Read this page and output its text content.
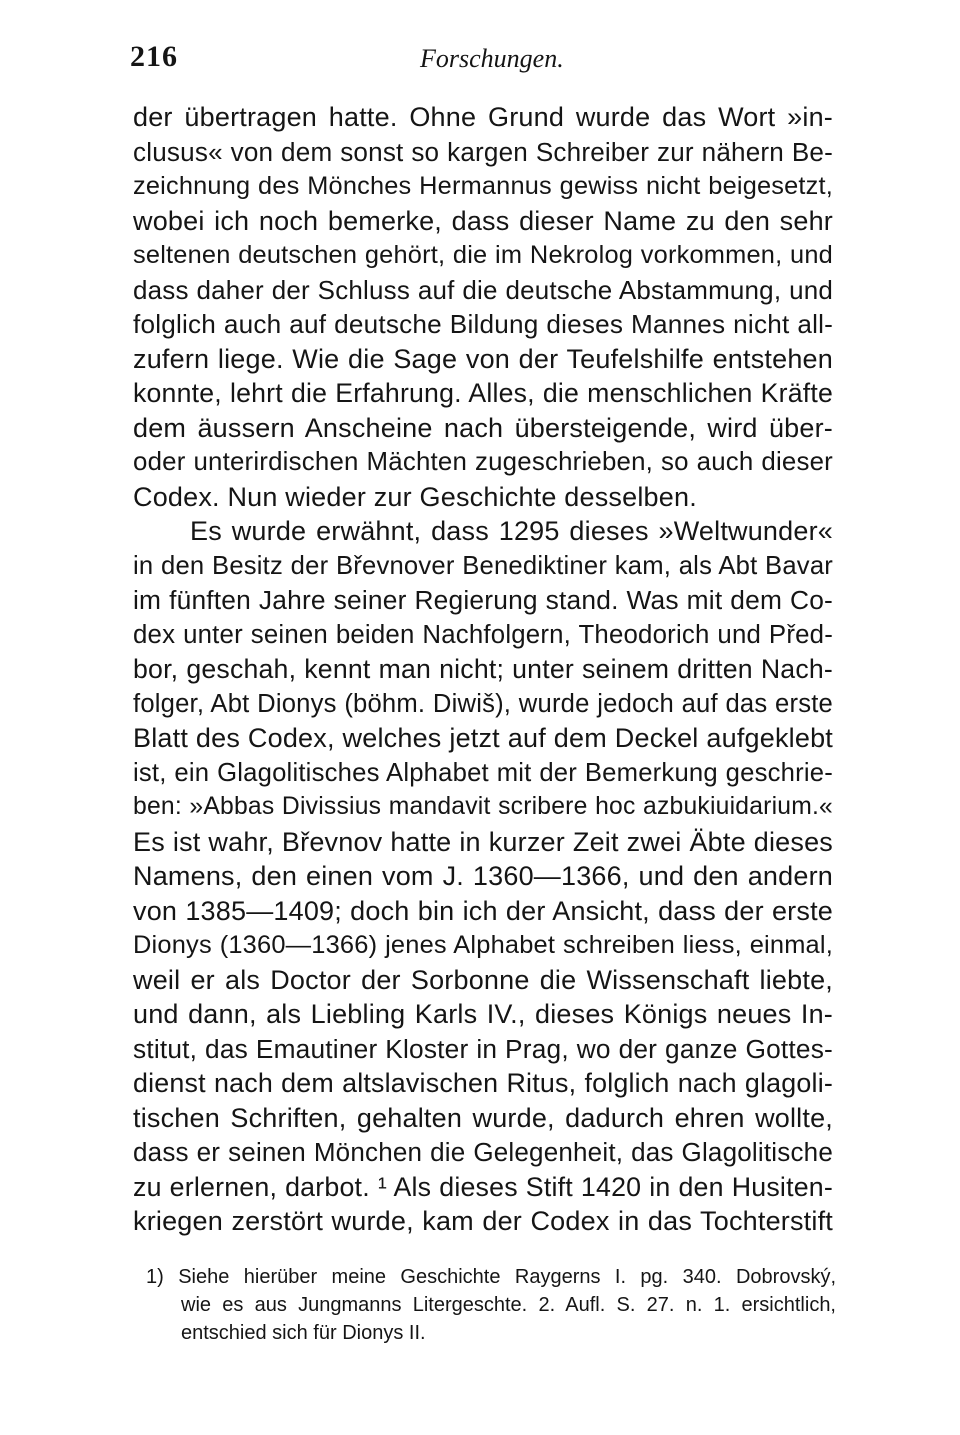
216	Forschungen.
der übertragen hatte. Ohne Grund wurde das Wort »in-
clusus« von dem sonst so kargen Schreiber zur nähern Be-
zeichnung des Mönches Hermannus gewiss nicht beigesetzt,
wobei ich noch bemerke, dass dieser Name zu den sehr
seltenen deutschen gehört, die im Nekrolog vorkommen, und
dass daher der Schluss auf die deutsche Abstammung, und
folglich auch auf deutsche Bildung dieses Mannes nicht all-
zufern liege. Wie die Sage von der Teufelshilfe entstehen
konnte, lehrt die Erfahrung. Alles, die menschlichen Kräfte
dem äussern Anscheine nach übersteigende, wird über-
oder unterirdischen Mächten zugeschrieben, so auch dieser
Codex. Nun wieder zur Geschichte desselben.
Es wurde erwähnt, dass 1295 dieses »Weltwunder«
in den Besitz der Břevnover Benediktiner kam, als Abt Bavar
im fünften Jahre seiner Regierung stand. Was mit dem Co-
dex unter seinen beiden Nachfolgern, Theodorich und Před-
bor, geschah, kennt man nicht; unter seinem dritten Nach-
folger, Abt Dionys (böhm. Diwiš), wurde jedoch auf das erste
Blatt des Codex, welches jetzt auf dem Deckel aufgeklebt
ist, ein Glagolitisches Alphabet mit der Bemerkung geschrie-
ben: »Abbas Divissius mandavit scribere hoc azbukiuidarium.«
Es ist wahr, Břevnov hatte in kurzer Zeit zwei Äbte dieses
Namens, den einen vom J. 1360—1366, und den andern
von 1385—1409; doch bin ich der Ansicht, dass der erste
Dionys (1360—1366) jenes Alphabet schreiben liess, einmal,
weil er als Doctor der Sorbonne die Wissenschaft liebte,
und dann, als Liebling Karls IV., dieses Königs neues In-
stitut, das Emautiner Kloster in Prag, wo der ganze Gottes-
dienst nach dem altslavischen Ritus, folglich nach glagoli-
tischen Schriften, gehalten wurde, dadurch ehren wollte,
dass er seinen Mönchen die Gelegenheit, das Glagolitische
zu erlernen, darbot. ¹ Als dieses Stift 1420 in den Husiten-
kriegen zerstört wurde, kam der Codex in das Tochterstift
1) Siehe hierüber meine Geschichte Raygerns I. pg. 340. Dobrovský,
wie es aus Jungmanns Litergeschte. 2. Aufl. S. 27. n. 1. ersichtlich,
entschied sich für Dionys II.
